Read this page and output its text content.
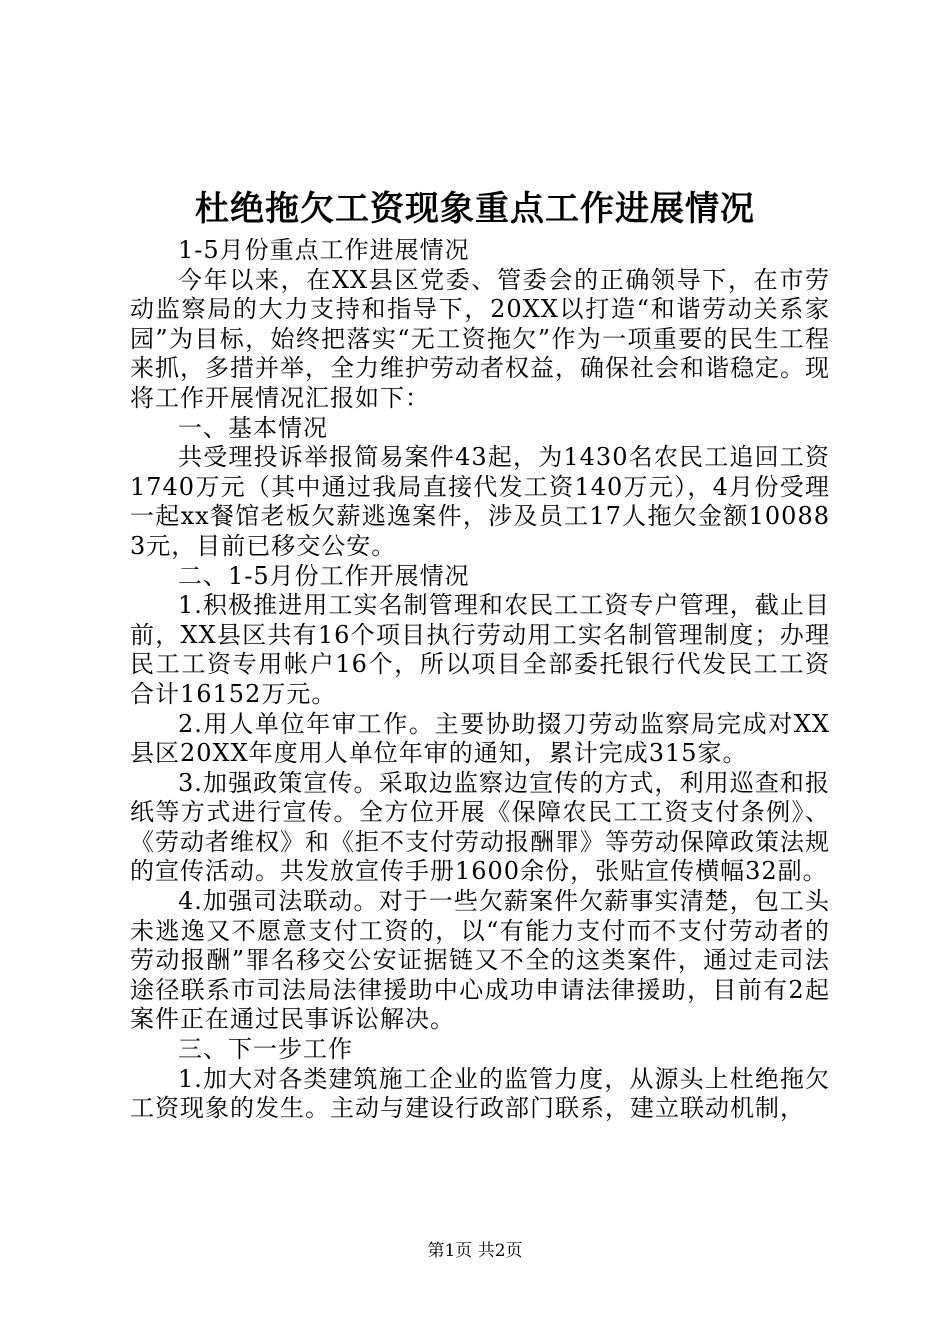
杜绝拖欠工资现象重点工作进展情况

1-5月份重点工作进展情况

今年以来，在XX县区党委、管委会的正确领导下，在市劳动监察局的大力支持和指导下，20XX以打造“和谐劳动关系家园”为目标，始终把落实“无工资拖欠”作为一项重要的民生工程来抓，多措并举，全力维护劳动者权益，确保社会和谐稳定。现将工作开展情况汇报如下：

一、基本情况

共受理投诉举报简易案件43起，为1430名农民工追回工资1740万元（其中通过我局直接代发工资140万元），4月份受理一起xx餐馆老板欠薪逃逸案件，涉及员工17人拖欠金额100883元，目前已移交公安。

二、1-5月份工作开展情况

1.积极推进用工实名制管理和农民工工资专户管理，截止目前，XX县区共有16个项目执行劳动用工实名制管理制度；办理民工工资专用帐户16个，所以项目全部委托银行代发民工工资合计16152万元。

2.用人单位年审工作。主要协助掇刀劳动监察局完成对XX县区20XX年度用人单位年审的通知，累计完成315家。

3.加强政策宣传。采取边监察边宣传的方式，利用巡查和报纸等方式进行宣传。全方位开展《保障农民工工资支付条例》、《劳动者维权》和《拒不支付劳动报酬罪》等劳动保障政策法规的宣传活动。共发放宣传手册1600余份，张贴宣传横幅32副。

4.加强司法联动。对于一些欠薪案件欠薪事实清楚，包工头未逃逸又不愿意支付工资的，以“有能力支付而不支付劳动者的劳动报酬”罪名移交公安证据链又不全的这类案件，通过走司法途径联系市司法局法律援助中心成功申请法律援助，目前有2起案件正在通过民事诉讼解决。

三、下一步工作

1.加大对各类建筑施工企业的监管力度，从源头上杜绝拖欠工资现象的发生。主动与建设行政部门联系，建立联动机制，

第1页 共2页
